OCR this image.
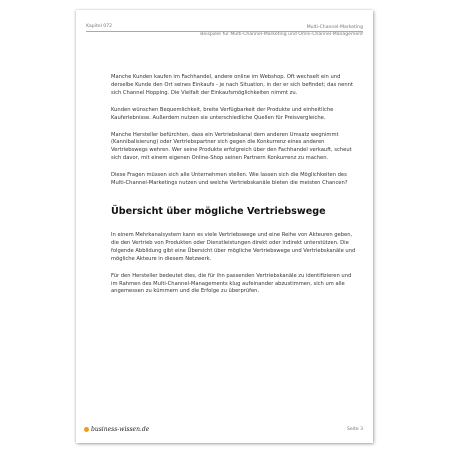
Kapitel 072	Multi-Channel-Marketing
Beispiele für Multi-Channel-Marketing und Omni-Channel-Management

Manche Kunden kaufen im Fachhandel, andere online im Webshop. Oft wechselt ein und derselbe Kunde den Ort seines Einkaufs - je nach Situation, in der er sich befindet; das nennt sich Channel Hopping. Die Vielfalt der Einkaufsmöglichkeiten nimmt zu.

Kunden wünschen Bequemlichkeit, breite Verfügbarkeit der Produkte und einheitliche Kauferlebnisse. Außerdem nutzen sie unterschiedliche Quellen für Preisvergleiche.

Manche Hersteller befürchten, dass ein Vertriebskanal dem anderen Umsatz wegnimmt (Kannibalisierung) oder Vertriebspartner sich gegen die Konkurrenz eines anderen Vertriebswegs wehren. Wer seine Produkte erfolgreich über den Fachhandel verkauft, scheut sich davor, mit einem eigenen Online-Shop seinen Partnern Konkurrenz zu machen.

Diese Fragen müssen sich alle Unternehmen stellen. Wie lassen sich die Möglichkeiten des Multi-Channel-Marketings nutzen und welche Vertriebskanäle bieten die meisten Chancen?

Übersicht über mögliche Vertriebswege

In einem Mehrkanalsystem kann es viele Vertriebswege und eine Reihe von Akteuren geben, die den Vertrieb von Produkten oder Dienstleistungen direkt oder indirekt unterstützen. Die folgende Abbildung gibt eine Übersicht über mögliche Vertriebswege und Vertriebskanäle und mögliche Akteure in diesem Netzwerk.

Für den Hersteller bedeutet dies, die für ihn passenden Vertriebskanäle zu identifizieren und im Rahmen des Multi-Channel-Managements klug aufeinander abzustimmen, sich um alle angemessen zu kümmern und die Erfolge zu überprüfen.

business-wissen.de	Seite 3
